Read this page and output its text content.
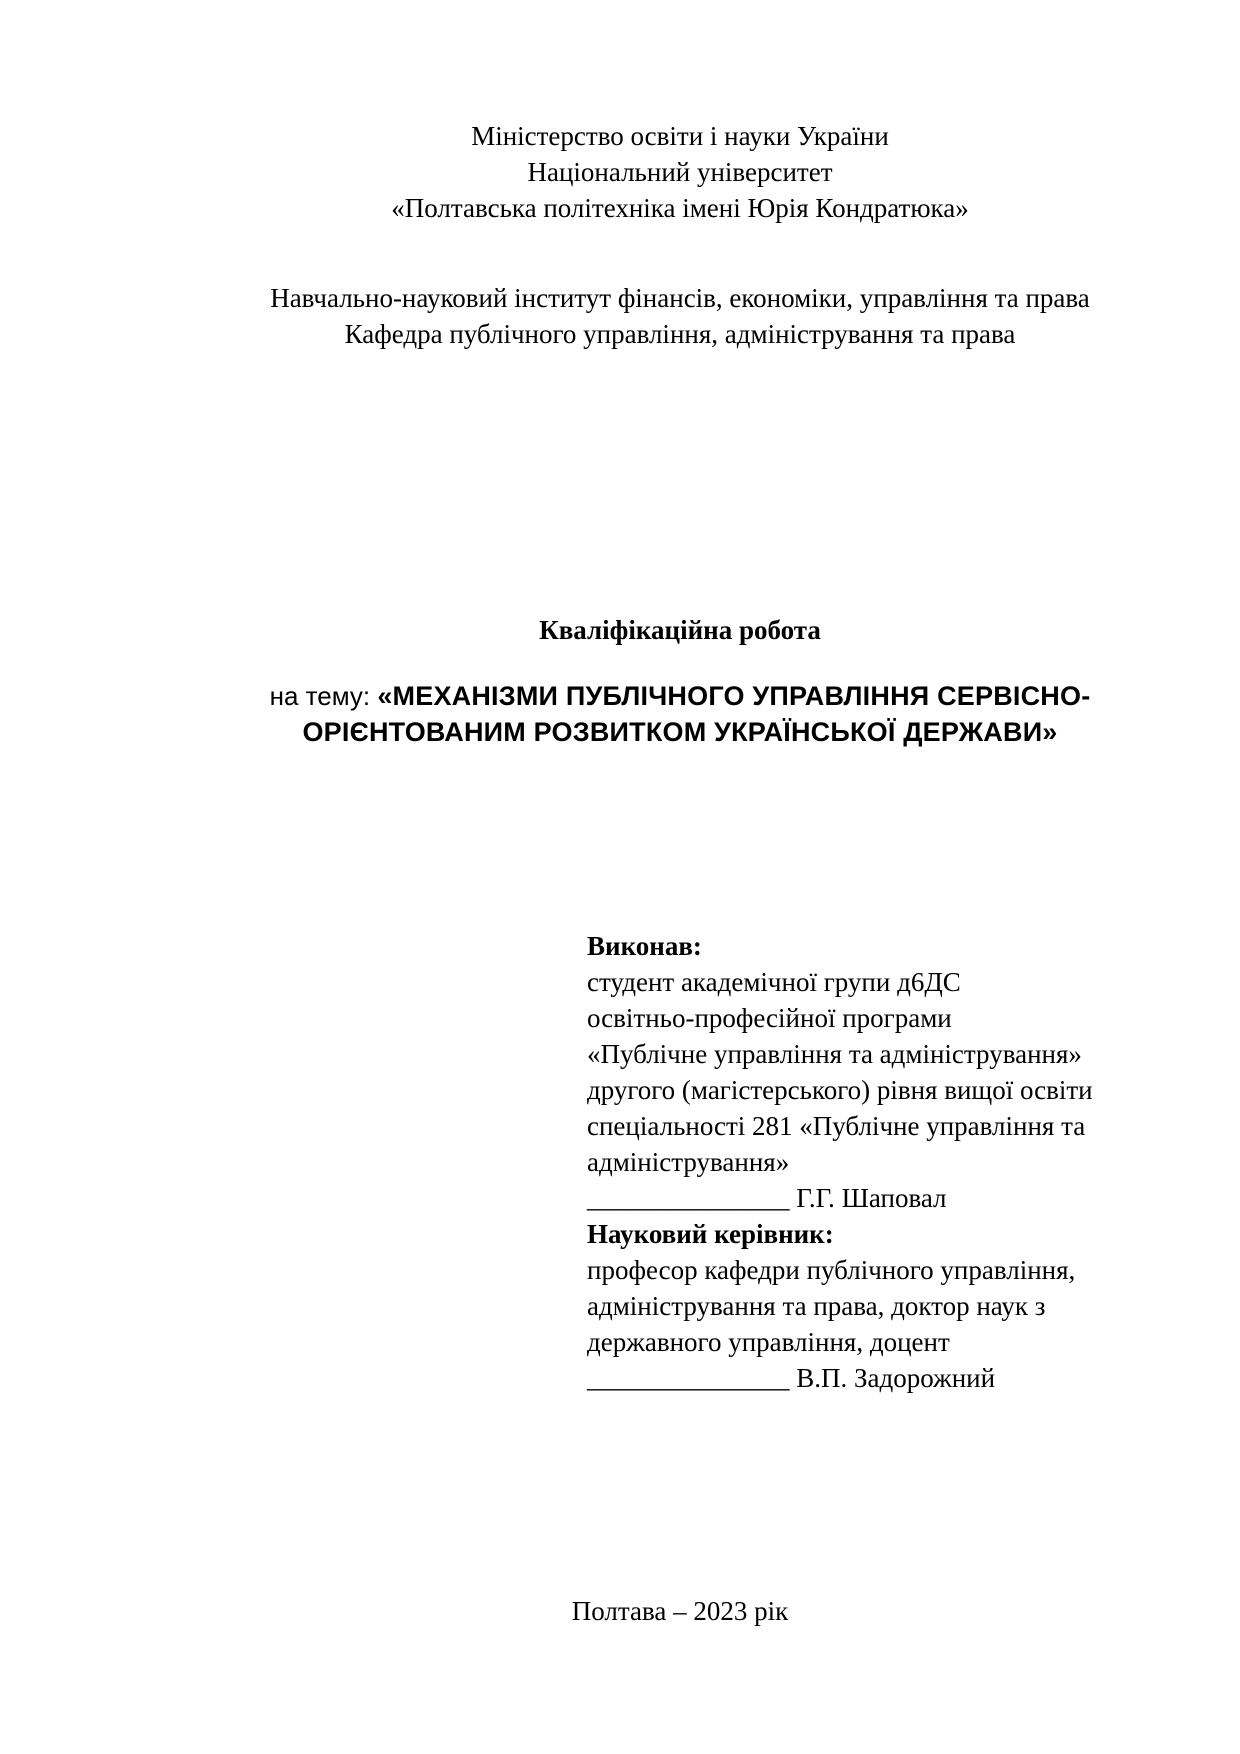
Міністерство освіти і науки України
Національний університет
«Полтавська політехніка імені Юрія Кондратюка»
Навчально-науковий інститут фінансів, економіки, управління та права
Кафедра публічного управління, адміністрування та права
Кваліфікаційна робота
на тему: «МЕХАНІЗМИ ПУБЛІЧНОГО УПРАВЛІННЯ СЕРВІСНО-
ОРІЄНТОВАНИМ РОЗВИТКОМ УКРАЇНСЬКОЇ ДЕРЖАВИ»
Виконав:
студент академічної групи д6ДС
освітньо-професійної програми
«Публічне управління та адміністрування»
другого (магістерського) рівня вищої освіти
спеціальності 281 «Публічне управління та
адміністрування»
_______________ Г.Г. Шаповал
Науковий керівник:
професор кафедри публічного управління,
адміністрування та права, доктор наук з
державного управління, доцент
_______________ В.П. Задорожний
Полтава – 2023 рік
